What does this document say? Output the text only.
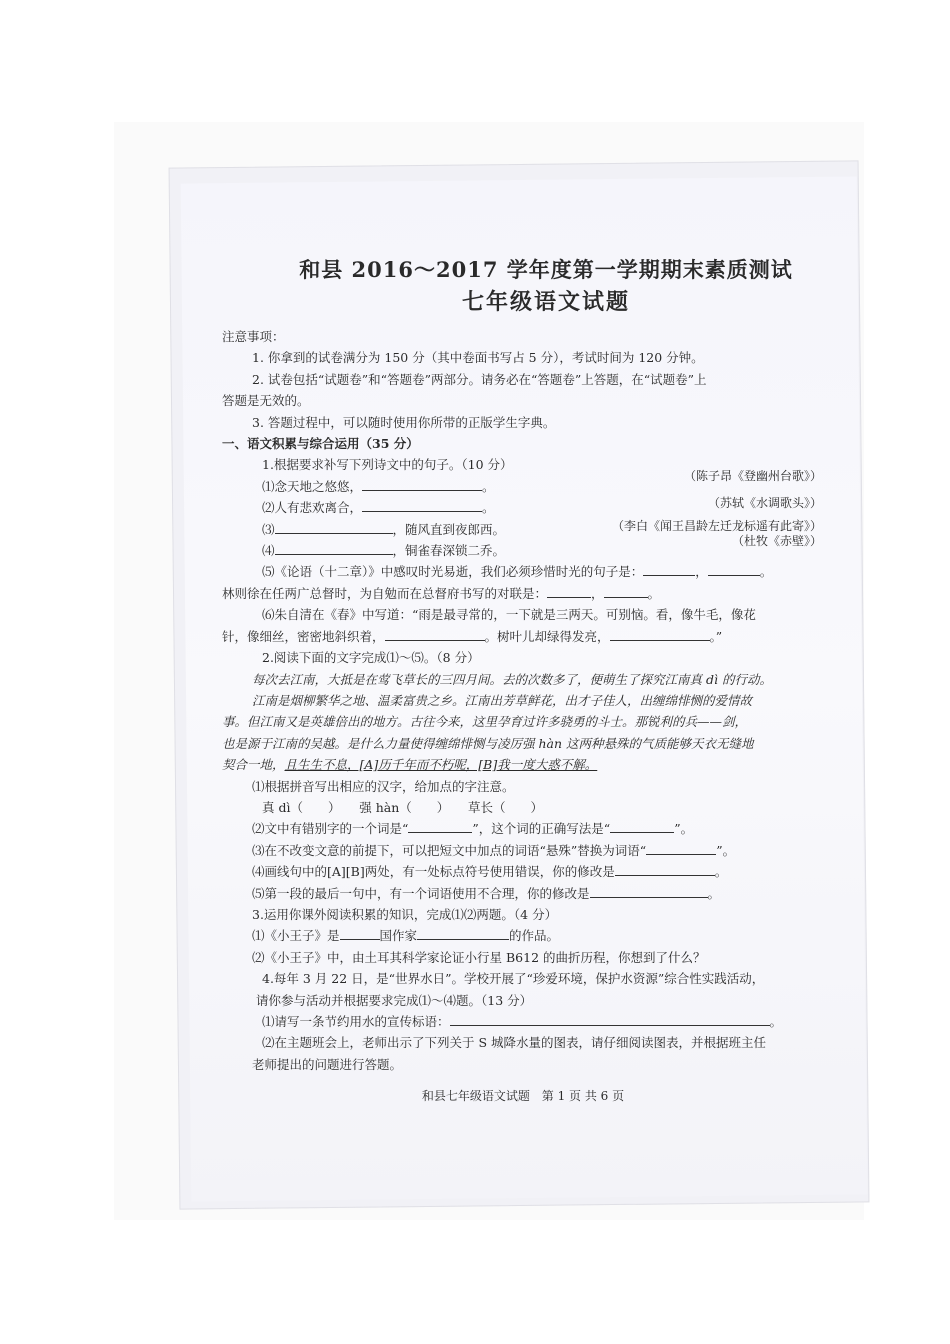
和县 2016～2017 学年度第一学期期末素质测试
七年级语文试题
注意事项：
1. 你拿到的试卷满分为 150 分（其中卷面书写占 5 分），考试时间为 120 分钟。
2. 试卷包括“试题卷”和“答题卷”两部分。请务必在“答题卷”上答题，在“试题卷”上
答题是无效的。
3. 答题过程中，可以随时使用你所带的正版学生字典。
一、语文积累与综合运用（35 分）
1.根据要求补写下列诗文中的句子。（10 分）
⑴念天地之悠悠，	。
（陈子昂《登幽州台歌》）
⑵人有悲欢离合，	。	（苏轼《水调歌头》）
⑶	，随风直到夜郎西。	（李白《闻王昌龄左迁龙标遥有此寄》）
⑷	，铜雀春深锁二乔。
（杜牧《赤壁》）
⑸《论语（十二章）》中感叹时光易逝，我们必须珍惜时光的句子是：	，	。
林则徐在任两广总督时，为自勉而在总督府书写的对联是：	，	。
⑹朱自清在《春》中写道：“雨是最寻常的，一下就是三两天。可别恼。看，像牛毛，像花
针，像细丝，密密地斜织着，	。树叶儿却绿得发亮，	。”
2.阅读下面的文字完成⑴～⑸。（8 分）
每次去江南，大抵是在莺飞草长的三四月间。去的次数多了，便萌生了探究江南真 dì 的行动。
江南是烟柳繁华之地、温柔富贵之乡。江南出芳草鲜花，出才子佳人，出缠绵悱恻的爱情故
事。但江南又是英雄倍出的地方。古往今来，这里孕育过许多骁勇的斗士。那锐利的兵——剑，
也是源于江南的吴越。是什么力量使得缠绵悱恻与凌厉强 hàn 这两种悬殊的气质能够天衣无缝地
契合一地，且生生不息，[A]历千年而不朽呢，[B]我一度大惑不解。
⑴根据拼音写出相应的汉字，给加点的字注意。
真 dì（　　）　　强 hàn（　　）　　草长（　　）
⑵文中有错别字的一个词是“	”，这个词的正确写法是“	”。
⑶在不改变文意的前提下，可以把短文中加点的词语“悬殊”替换为词语“	”。
⑷画线句中的[A][B]两处，有一处标点符号使用错误，你的修改是	。
⑸第一段的最后一句中，有一个词语使用不合理，你的修改是	。
3.运用你课外阅读积累的知识，完成⑴⑵两题。（4 分）
⑴《小王子》是	国作家	的作品。
⑵《小王子》中，由土耳其科学家论证小行星 B612 的曲折历程，你想到了什么？
4.每年 3 月 22 日，是“世界水日”。学校开展了“珍爱环境，保护水资源”综合性实践活动，
请你参与活动并根据要求完成⑴～⑷题。（13 分）
⑴请写一条节约用水的宣传标语：	。
⑵在主题班会上，老师出示了下列关于 S 城降水量的图表，请仔细阅读图表，并根据班主任
老师提出的问题进行答题。
和县七年级语文试题 第 1 页 共 6 页
